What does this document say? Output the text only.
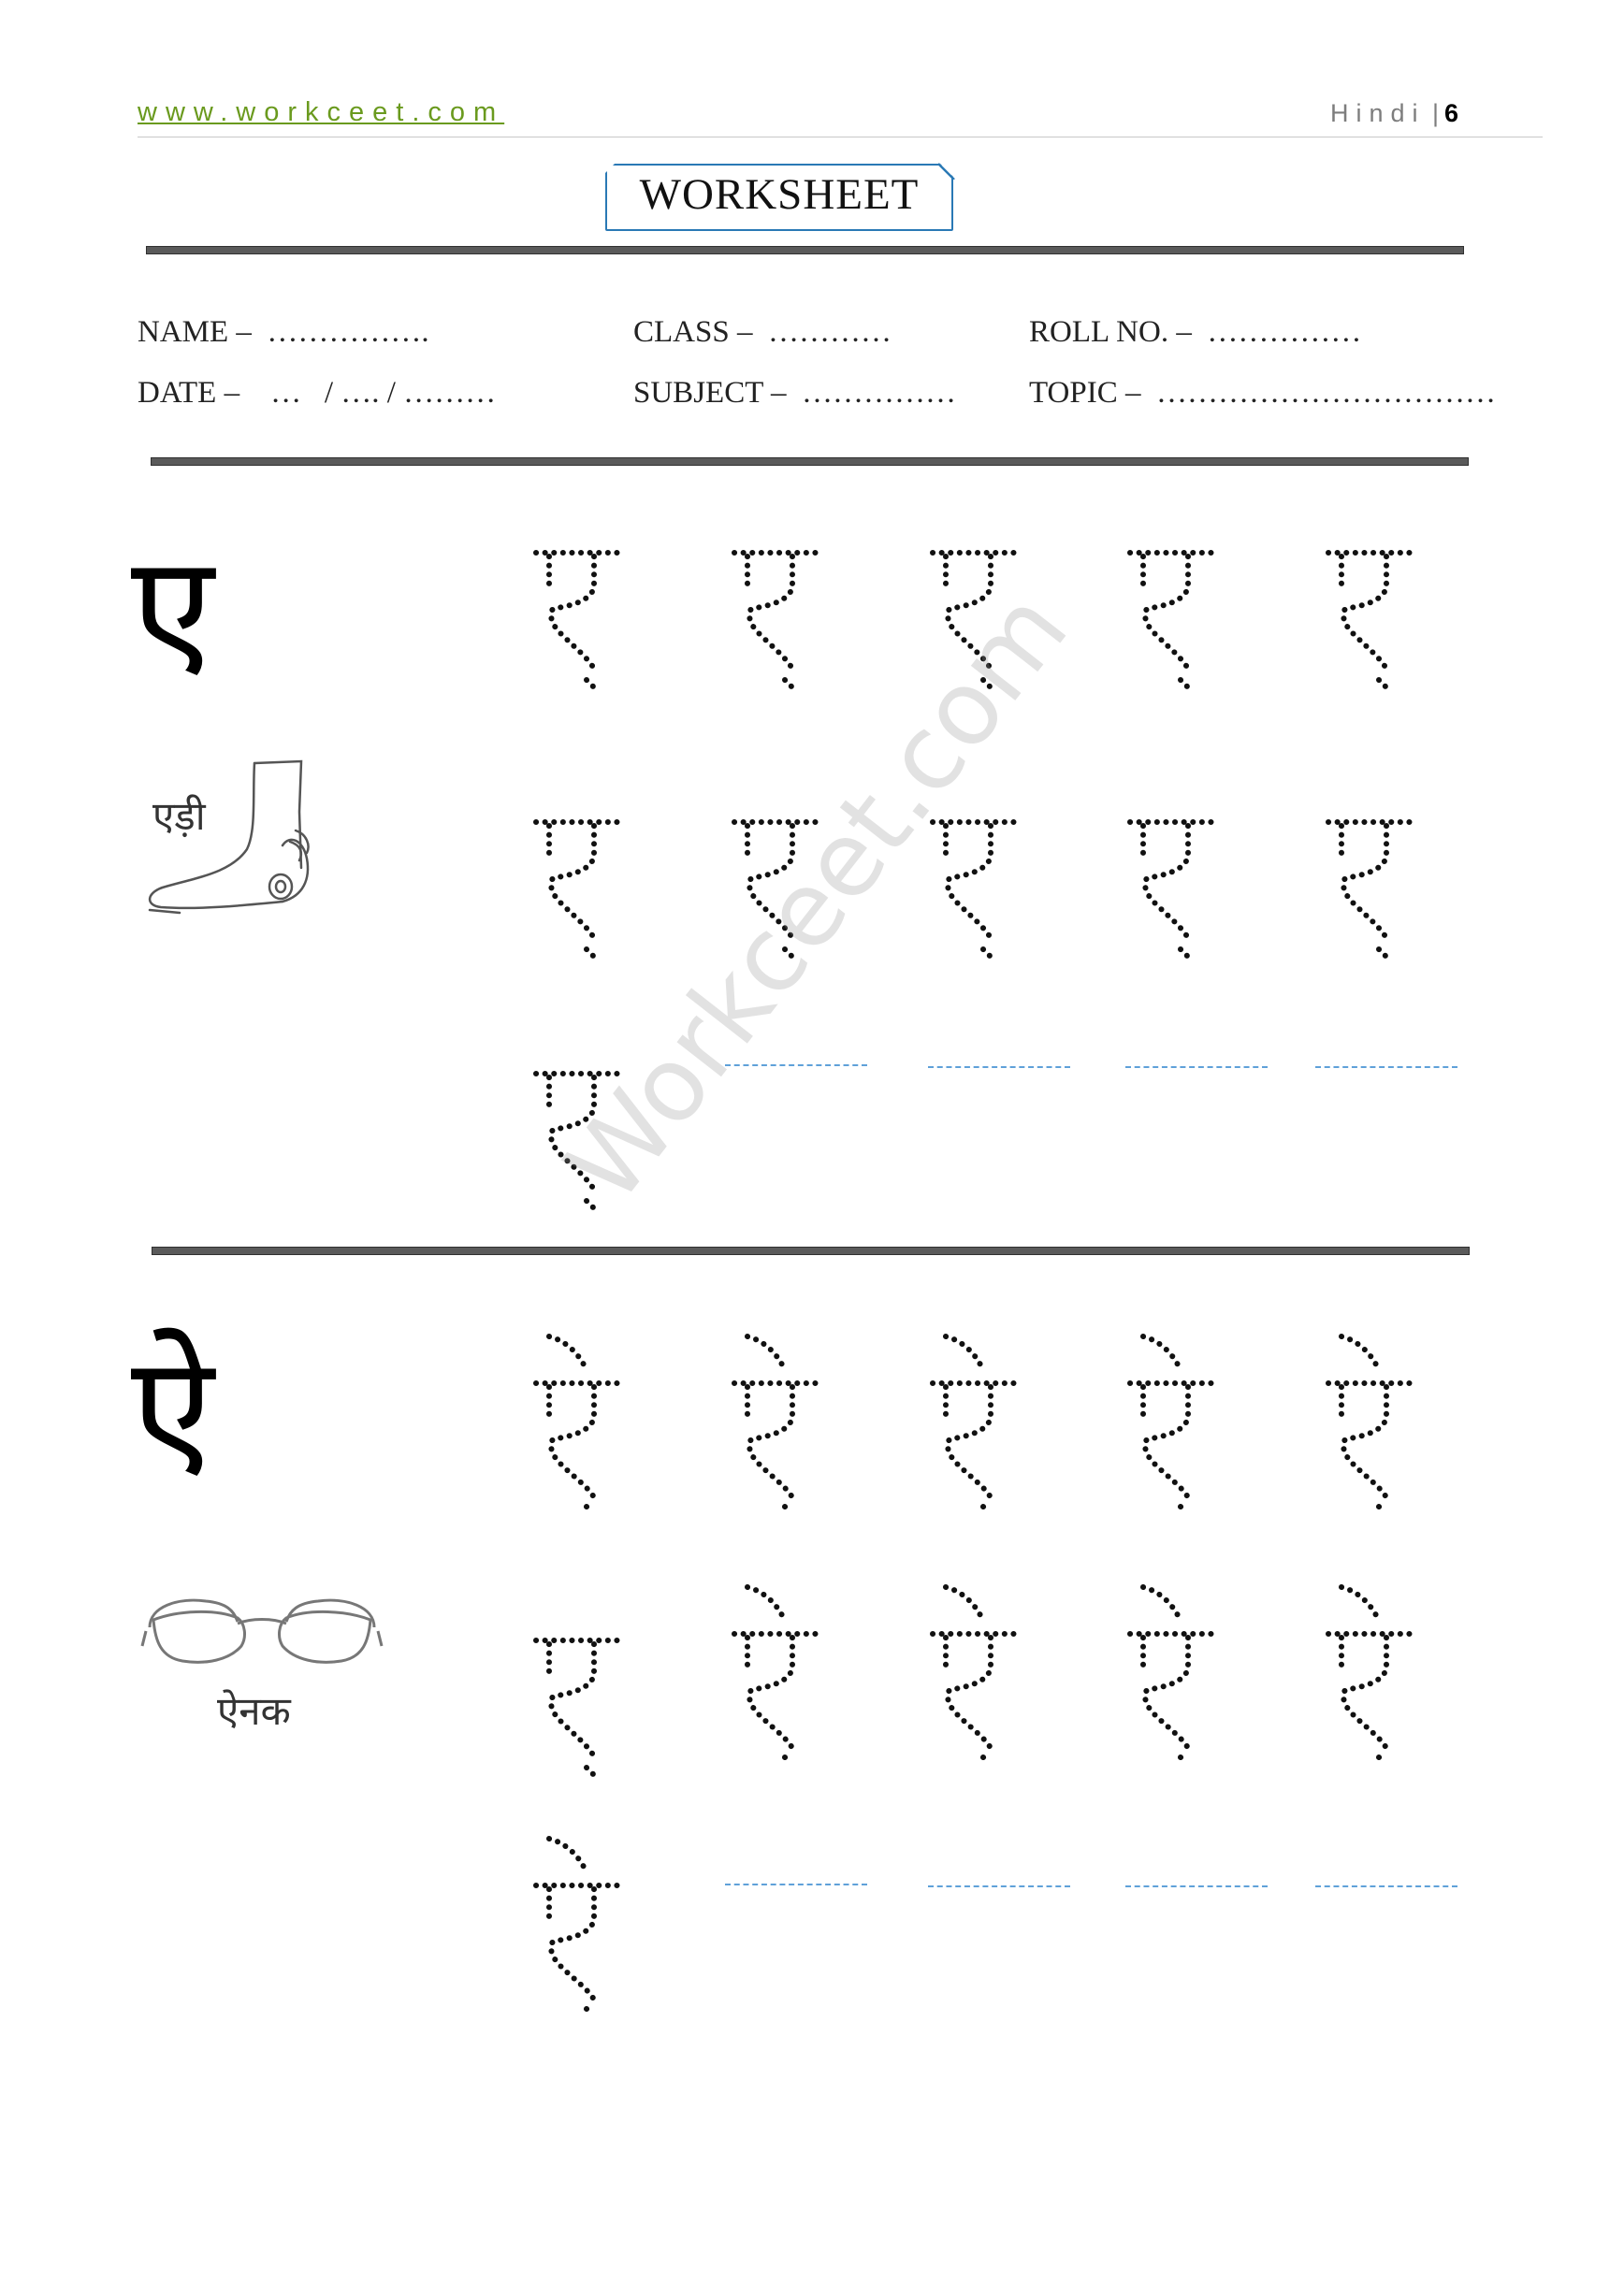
www.workceet.com	Hindi | 6
WORKSHEET
NAME –  …………….	CLASS –  …………	ROLL NO. –  ……………
DATE –    …   / …. / ………	SUBJECT –  …………… TOPIC –  ……………………………
ए
एड़ी
ऐ
ऐनक
Workceet.com
